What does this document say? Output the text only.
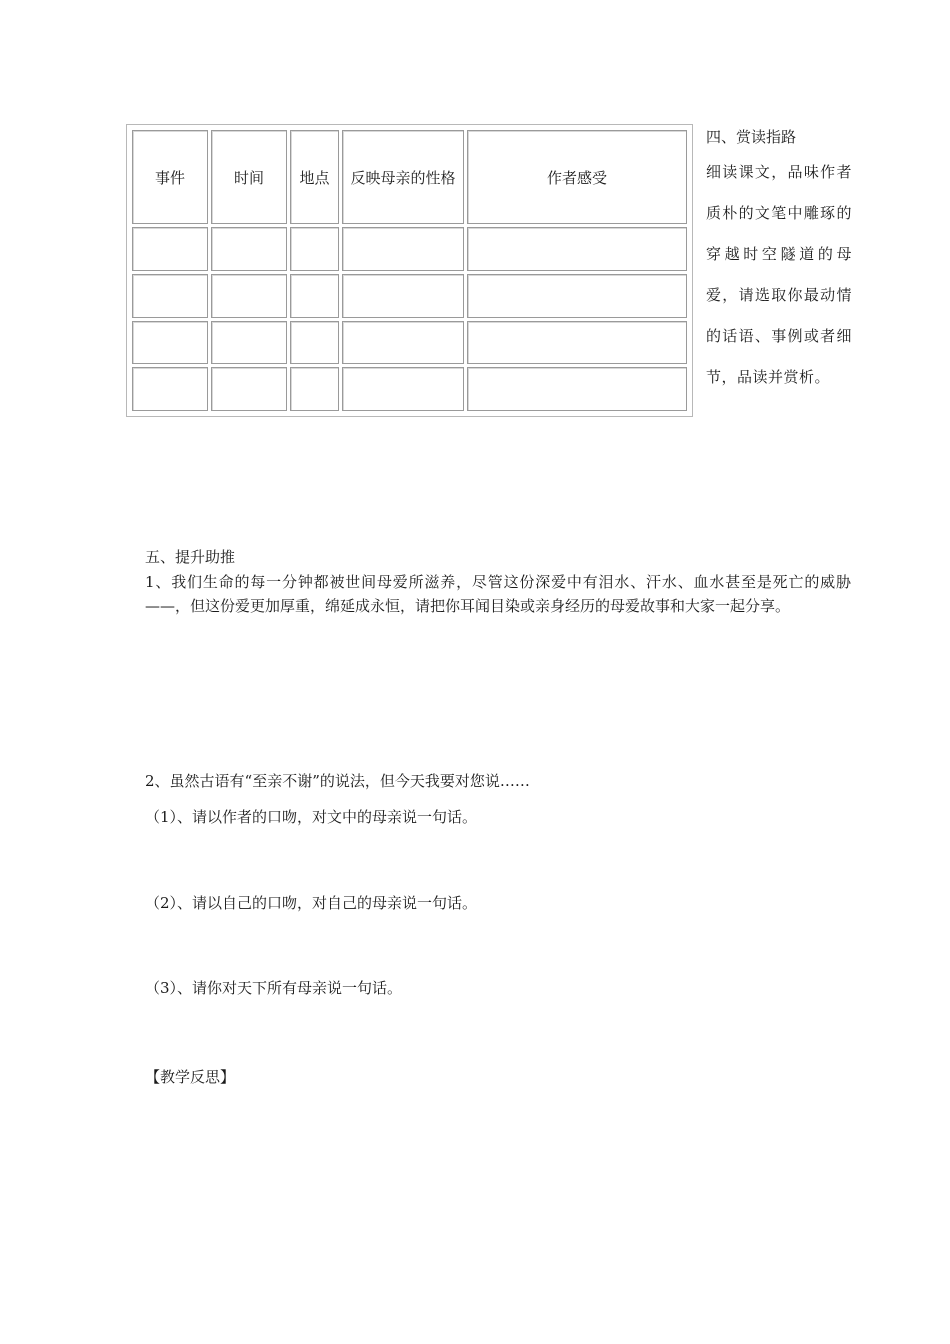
事件	时间	地点	反映母亲的性格	作者感受

四、赏读指路
细读课文，品味作者质朴的文笔中雕琢的穿越时空隧道的母爱，请选取你最动情的话语、事例或者细节，品读并赏析。
五、提升助推
1、我们生命的每一分钟都被世间母爱所滋养，尽管这份深爱中有泪水、汗水、血水甚至是死亡的威胁——，但这份爱更加厚重，绵延成永恒，请把你耳闻目染或亲身经历的母爱故事和大家一起分享。
2、虽然古语有“至亲不谢”的说法，但今天我要对您说……
（1）、请以作者的口吻，对文中的母亲说一句话。
（2）、请以自己的口吻，对自己的母亲说一句话。
（3）、请你对天下所有母亲说一句话。
【教学反思】
